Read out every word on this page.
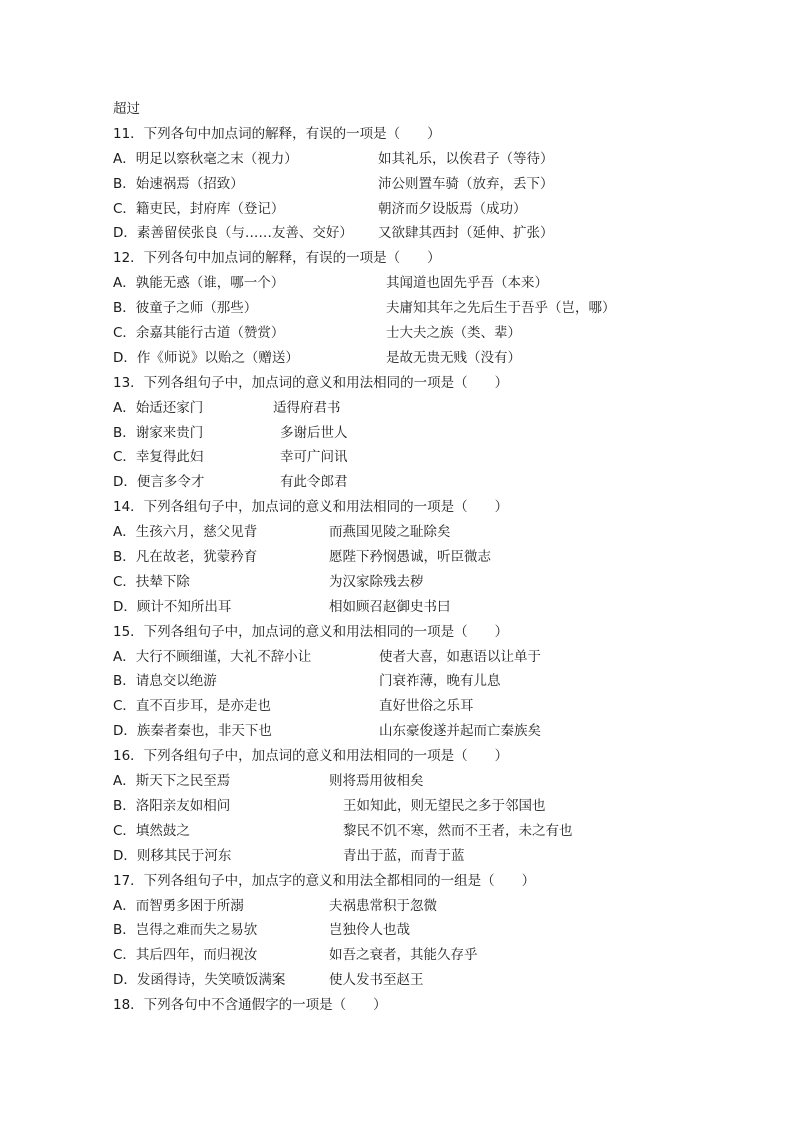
超过
11．下列各句中加点词的解释，有误的一项是（　　）
A．明足以察秋毫之末（视力）	如其礼乐，以俟君子（等待）
B．始速祸焉（招致）	沛公则置车骑（放弃，丢下）
C．籍吏民，封府库（登记）	朝济而夕设版焉（成功）
D．素善留侯张良（与……友善、交好） 又欲肆其西封（延伸、扩张）
12．下列各句中加点词的解释，有误的一项是（　　）
A．孰能无惑（谁，哪一个）	其闻道也固先乎吾（本来）
B．彼童子之师（那些）	夫庸知其年之先后生于吾乎（岂，哪）
C．余嘉其能行古道（赞赏）	士大夫之族（类、辈）
D．作《师说》以贻之（赠送）	是故无贵无贱（没有）
13．下列各组句子中，加点词的意义和用法相同的一项是（　　）
A．始适还家门	适得府君书
B．谢家来贵门	多谢后世人
C．幸复得此妇	幸可广问讯
D．便言多令才	有此令郎君
14．下列各组句子中，加点词的意义和用法相同的一项是（　　）
A．生孩六月，慈父见背	而燕国见陵之耻除矣
B．凡在故老，犹蒙矜育	愿陛下矜悯愚诚，听臣微志
C．扶辇下除	为汉家除残去秽
D．顾计不知所出耳	相如顾召赵御史书曰
15．下列各组句子中，加点词的意义和用法相同的一项是（　　）
A．大行不顾细谨，大礼不辞小让	使者大喜，如惠语以让单于
B．请息交以绝游	门衰祚薄，晚有儿息
C．直不百步耳，是亦走也	直好世俗之乐耳
D．族秦者秦也，非天下也	山东豪俊遂并起而亡秦族矣
16．下列各组句子中，加点词的意义和用法相同的一项是（　　）
A．斯天下之民至焉	则将焉用彼相矣
B．洛阳亲友如相问	王如知此，则无望民之多于邻国也
C．填然鼓之	黎民不饥不寒，然而不王者，未之有也
D．则移其民于河东	青出于蓝，而青于蓝
17．下列各组句子中，加点字的意义和用法全都相同的一组是（　　）
A．而智勇多困于所溺	夫祸患常积于忽微
B．岂得之难而失之易欤	岂独伶人也哉
C．其后四年，而归视汝	如吾之衰者，其能久存乎
D．发函得诗，失笑喷饭满案	使人发书至赵王
18．下列各句中不含通假字的一项是（　　）
